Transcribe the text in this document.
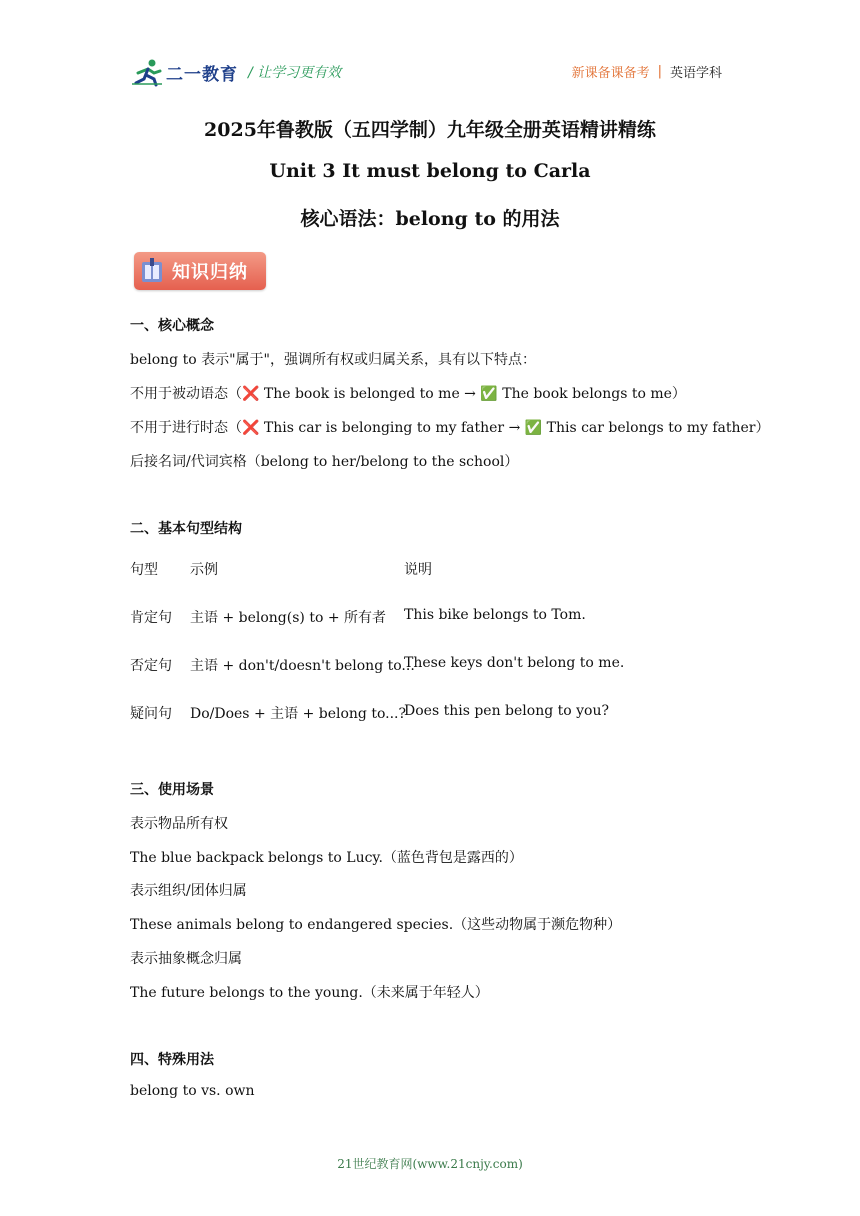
二一教育 / 让学习更有效	新课备课备考 | 英语学科
2025年鲁教版（五四学制）九年级全册英语精讲精练
Unit 3 It must belong to Carla
核心语法：belong to 的用法
知识归纳
一、核心概念
belong to 表示"属于"，强调所有权或归属关系，具有以下特点：
不用于被动语态（❌ The book is belonged to me → ✅ The book belongs to me）
不用于进行时态（❌ This car is belonging to my father → ✅ This car belongs to my father）
后接名词/代词宾格（belong to her/belong to the school）
二、基本句型结构
句型 示例	说明
肯定句 主语 + belong(s) to + 所有者 This bike belongs to Tom.
否定句 主语 + don't/doesn't belong to...
These keys don't belong to me.
疑问句 Do/Does + 主语 + belong to...?
Does this pen belong to you?
三、使用场景
表示物品所有权
The blue backpack belongs to Lucy.（蓝色背包是露西的）
表示组织/团体归属
These animals belong to endangered species.（这些动物属于濒危物种）
表示抽象概念归属
The future belongs to the young.（未来属于年轻人）
四、特殊用法
belong to vs. own
21世纪教育网(www.21cnjy.com)
